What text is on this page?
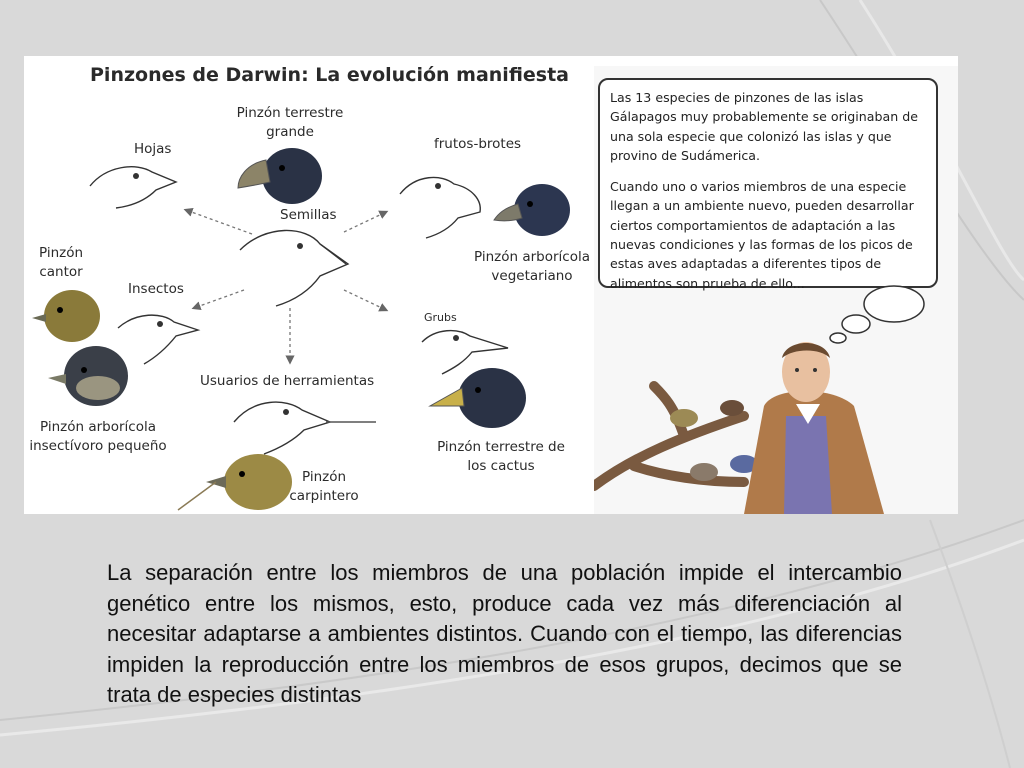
Pinzones de Darwin: La evolución manifiesta
Pinzón terrestre grande
Hojas
Semillas
frutos-brotes
Pinzón arborícola vegetariano
Pinzón cantor
Insectos
Pinzón arborícola insectívoro pequeño
Grubs
Pinzón terrestre de los cactus
Usuarios de herramientas
Pinzón carpintero

Las 13 especies de pinzones de las islas Gálapagos muy probablemente se originaban de una sola especie que colonizó las islas y que provino de Sudámerica.

Cuando uno o varios miembros de una especie llegan a un ambiente nuevo, pueden desarrollar ciertos comportamientos de adaptación a las nuevas condiciones y las formas de los picos de estas aves adaptadas a diferentes tipos de alimentos son prueba de ello...

La separación entre los miembros de una población impide el intercambio genético entre los mismos, esto, produce cada vez más diferenciación al necesitar adaptarse a ambientes distintos. Cuando con el tiempo, las diferencias impiden la reproducción entre los miembros de esos grupos, decimos que se trata de especies distintas
